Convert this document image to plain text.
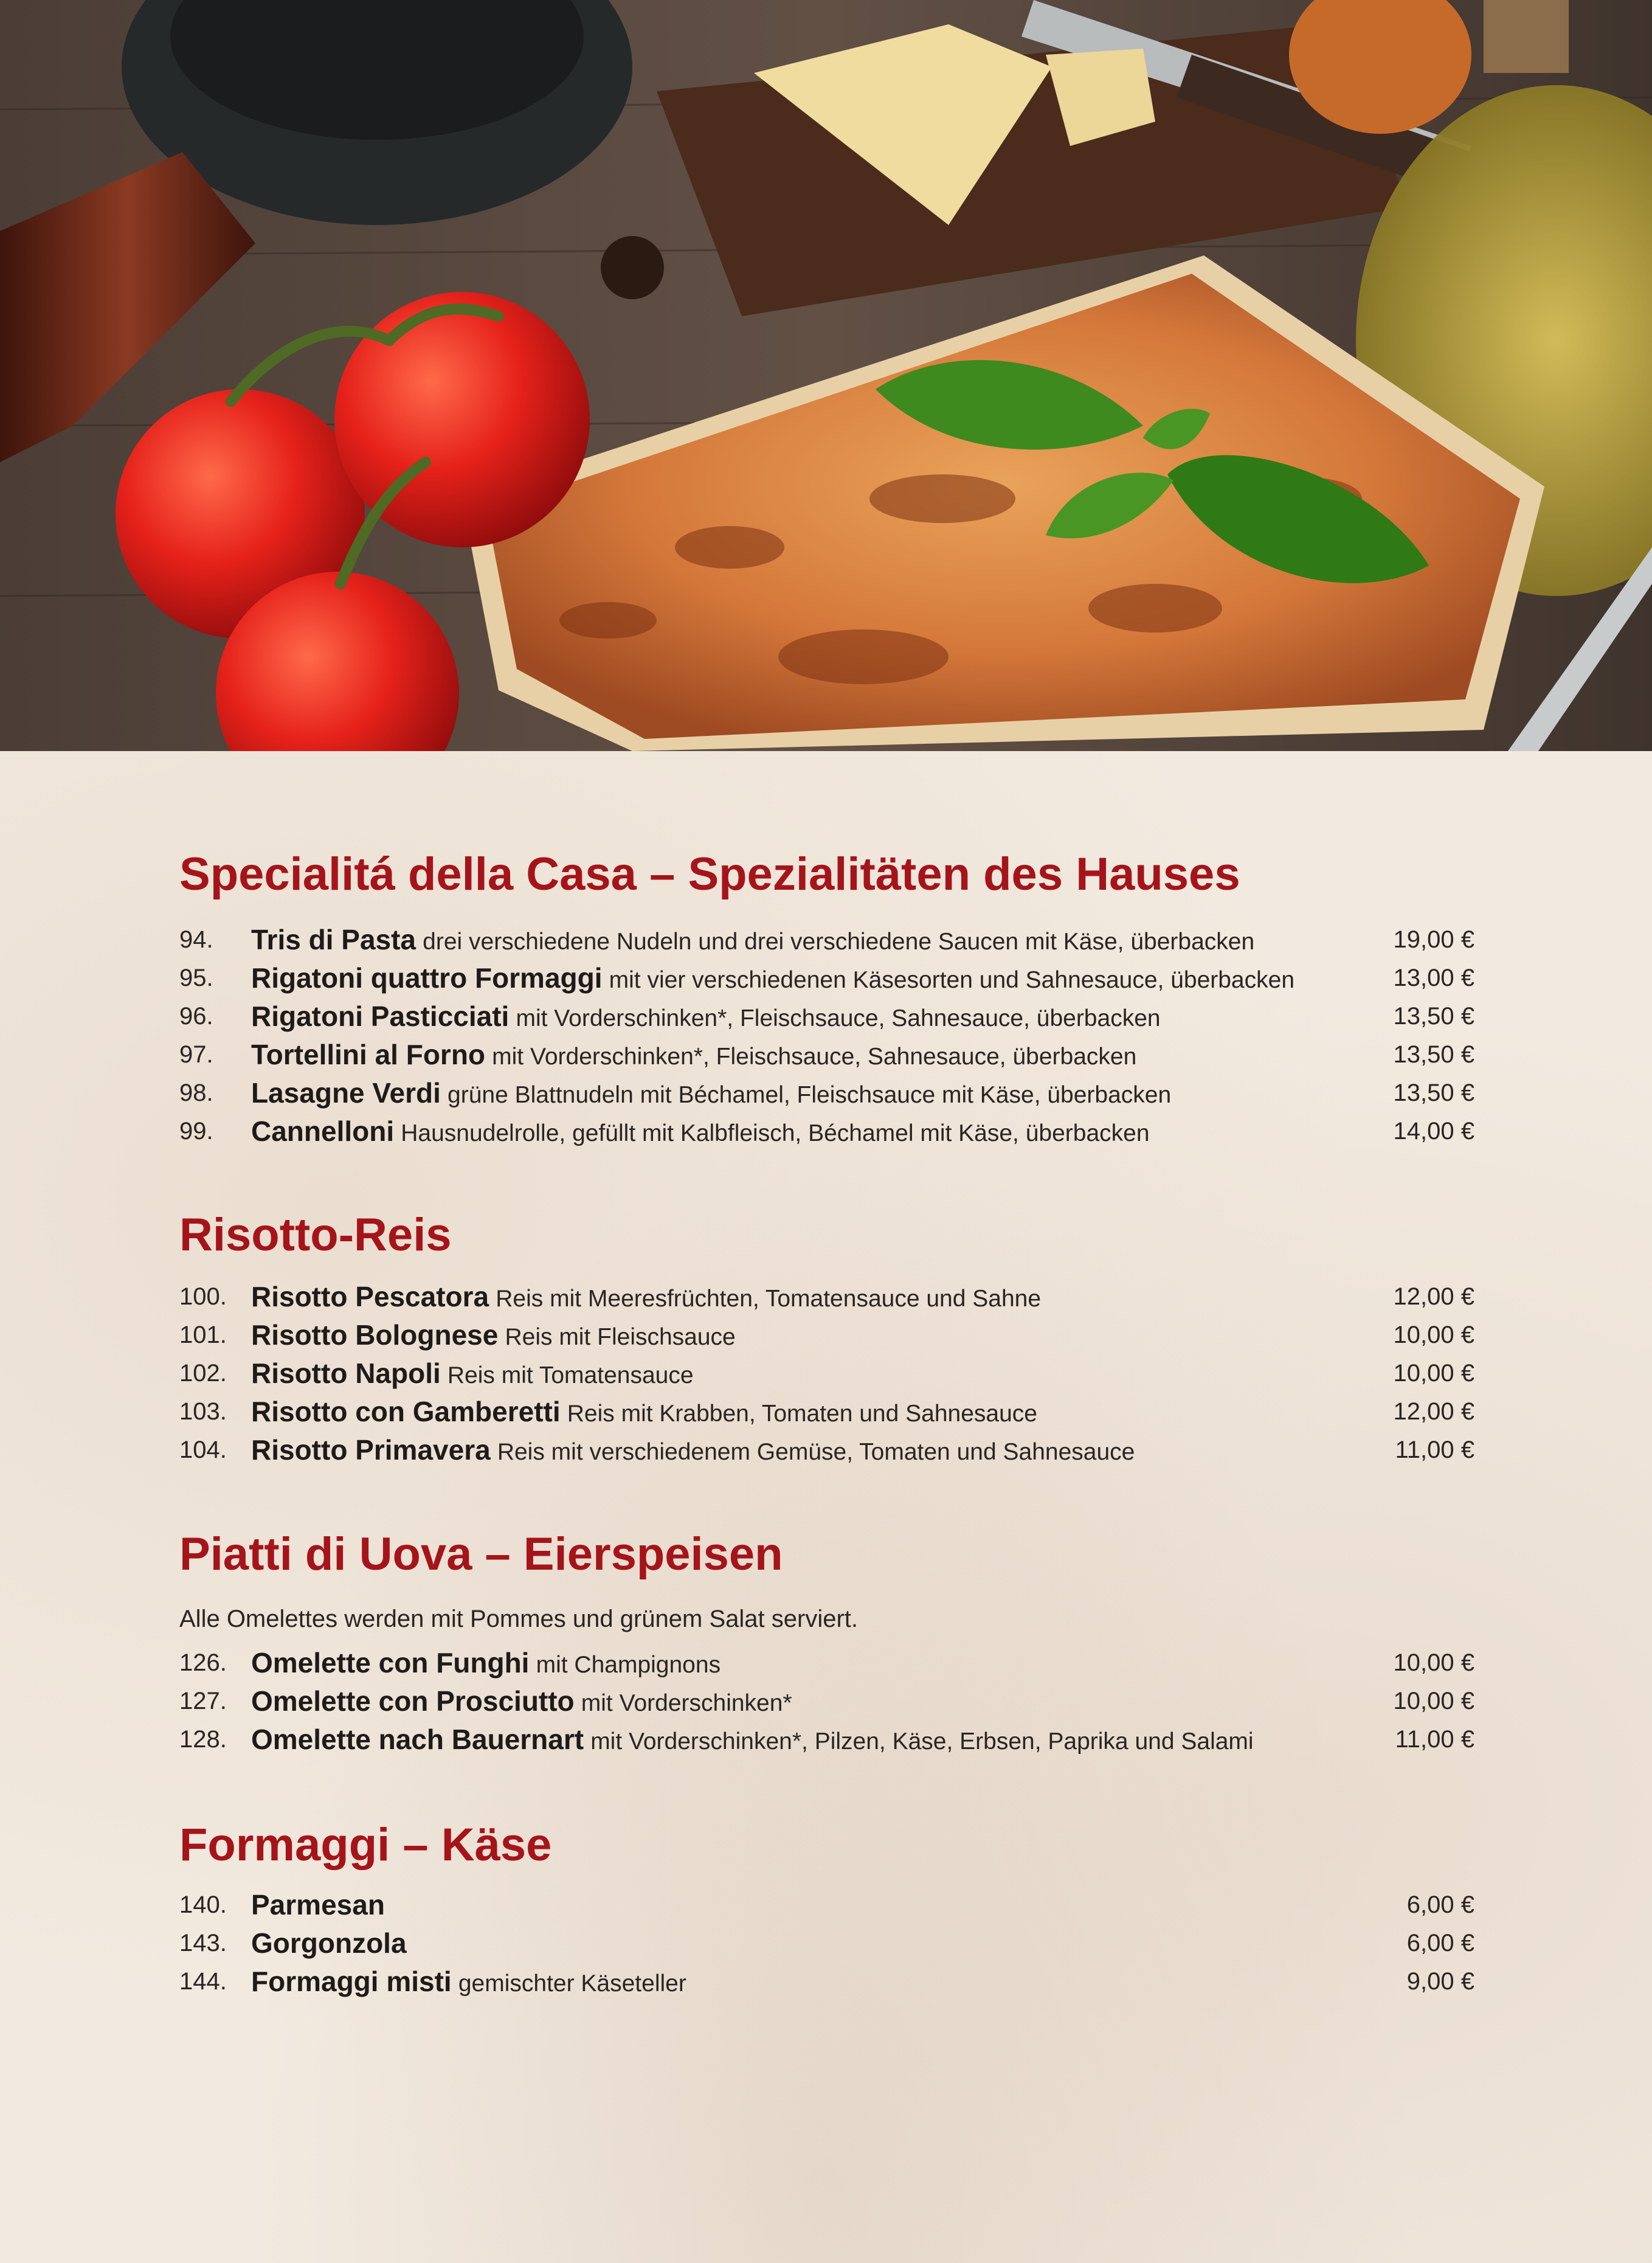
Specialitá della Casa – Spezialitäten des Hauses
94. Tris di Pasta drei verschiedene Nudeln und drei verschiedene Saucen mit Käse, überbacken	19,00 €
95. Rigatoni quattro Formaggi mit vier verschiedenen Käsesorten und Sahnesauce, überbacken	13,00 €
96. Rigatoni Pasticciati mit Vorderschinken*, Fleischsauce, Sahnesauce, überbacken	13,50 €
97. Tortellini al Forno mit Vorderschinken*, Fleischsauce, Sahnesauce, überbacken	13,50 €
98. Lasagne Verdi grüne Blattnudeln mit Béchamel, Fleischsauce mit Käse, überbacken	13,50 €
99. Cannelloni Hausnudelrolle, gefüllt mit Kalbfleisch, Béchamel mit Käse, überbacken	14,00 €
Risotto-Reis
100. Risotto Pescatora Reis mit Meeresfrüchten, Tomatensauce und Sahne	12,00 €
101. Risotto Bolognese Reis mit Fleischsauce	10,00 €
102. Risotto Napoli Reis mit Tomatensauce	10,00 €
103. Risotto con Gamberetti Reis mit Krabben, Tomaten und Sahnesauce	12,00 €
104. Risotto Primavera Reis mit verschiedenem Gemüse, Tomaten und Sahnesauce	11,00 €
Piatti di Uova – Eierspeisen
Alle Omelettes werden mit Pommes und grünem Salat serviert.
126. Omelette con Funghi mit Champignons	10,00 €
127. Omelette con Prosciutto mit Vorderschinken*	10,00 €
128. Omelette nach Bauernart mit Vorderschinken*, Pilzen, Käse, Erbsen, Paprika und Salami	11,00 €
Formaggi – Käse
140. Parmesan	6,00 €
143. Gorgonzola	6,00 €
144. Formaggi misti gemischter Käseteller	9,00 €
